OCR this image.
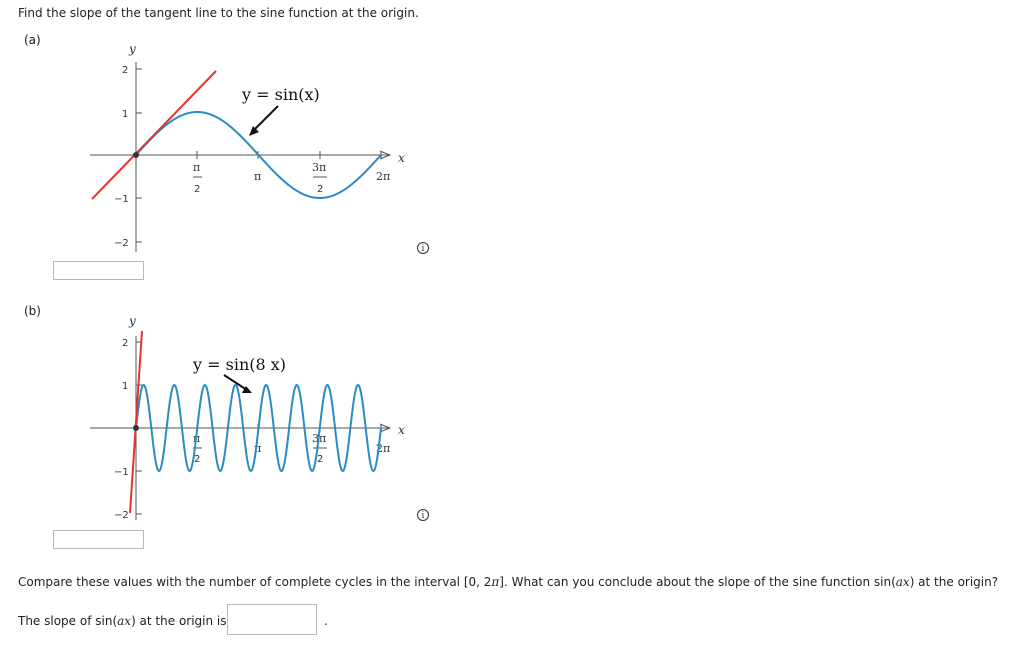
Find the slope of the tangent line to the sine function at the origin.
(a)
y
2
1
−1
−2
π
2
π
3π
2
2π
x
y = sin(x)
i
(b)
y
2
1
−1
−2
π
2
π
3π
2
2π
x
y = sin(8 x)
i
Compare these values with the number of complete cycles in the interval [0, 2π]. What can you conclude about the slope of the sine function sin(ax) at the origin?
The slope of sin(ax) at the origin is	.
